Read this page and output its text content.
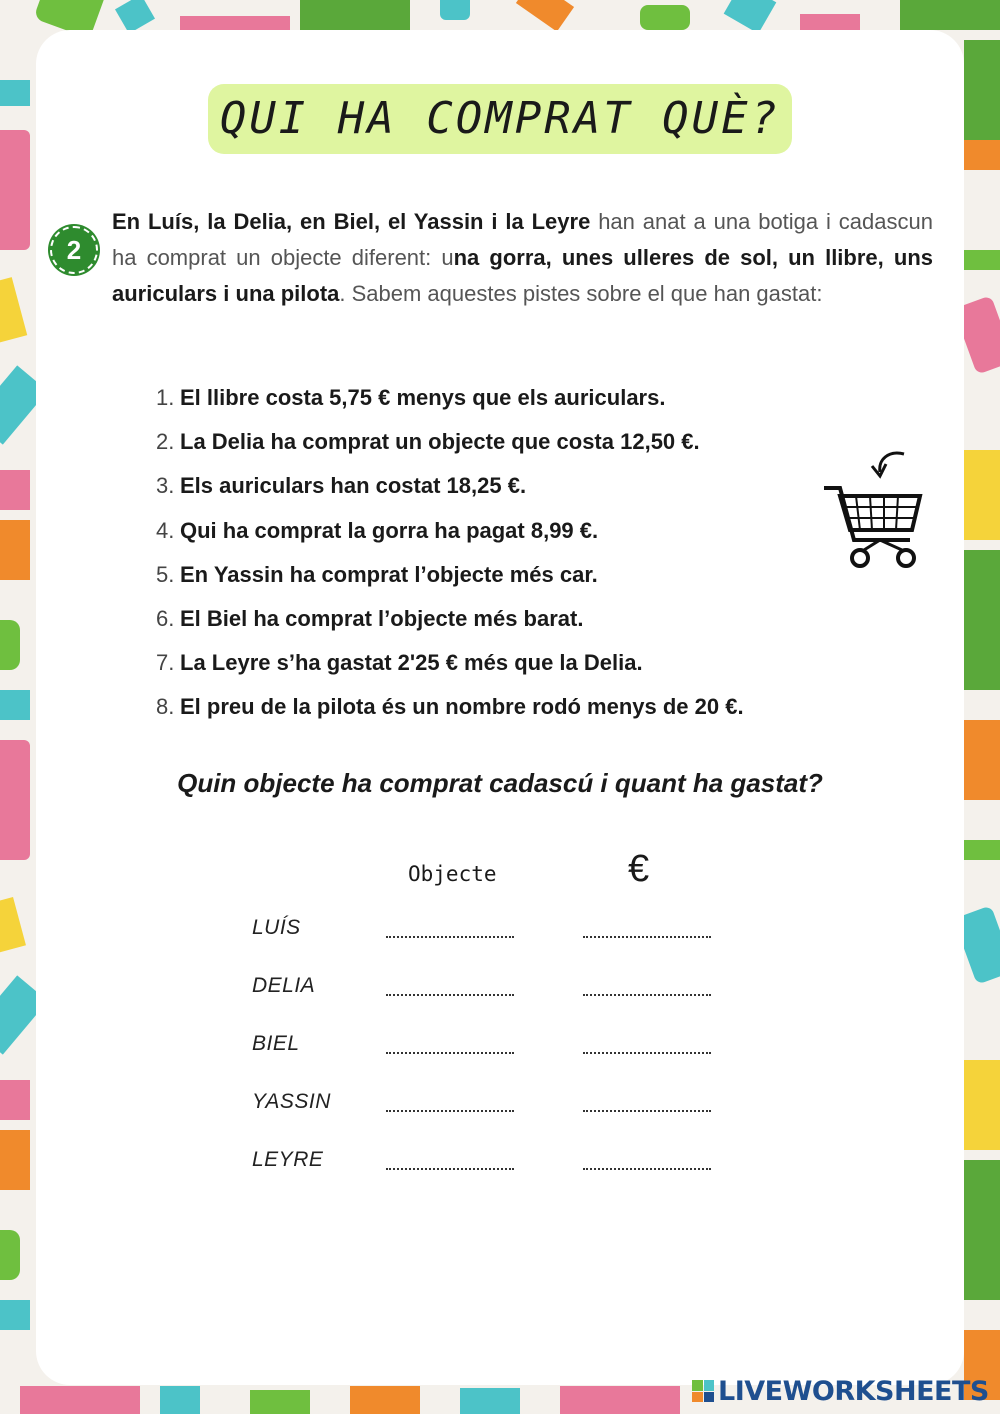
QUI HA COMPRAT QUÈ?
2
En Luís, la Delia, en Biel, el Yassin i la Leyre han anat a una botiga i cadascun ha comprat un objecte diferent: una gorra, unes ulleres de sol, un llibre, uns auriculars i una pilota. Sabem aquestes pistes sobre el que han gastat:
1. El llibre costa 5,75 € menys que els auriculars.
2. La Delia ha comprat un objecte que costa 12,50 €.
3. Els auriculars han costat 18,25 €.
4. Qui ha comprat la gorra ha pagat 8,99 €.
5. En Yassin ha comprat l’objecte més car.
6. El Biel ha comprat l’objecte més barat.
7. La Leyre s’ha gastat 2'25 € més que la Delia.
8. El preu de la pilota és un nombre rodó menys de 20 €.
Quin objecte ha comprat cadascú i quant ha gastat?
Objecte	€
LUÍS
DELIA
BIEL
YASSIN
LEYRE
LIVEWORKSHEETS
